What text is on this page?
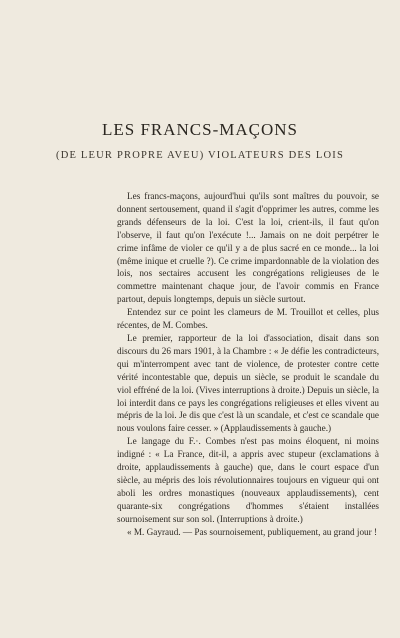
LES FRANCS-MAÇONS
(DE LEUR PROPRE AVEU) VIOLATEURS DES LOIS

Les francs-maçons, aujourd'hui qu'ils sont maîtres du pouvoir, se donnent sertousement, quand il s'agit d'opprimer les autres, comme les grands défenseurs de la loi. C'est la loi, crient-ils, il faut qu'on l'observe, il faut qu'on l'exécute !... Jamais on ne doit perpétrer le crime infâme de violer ce qu'il y a de plus sacré en ce monde... la loi (même inique et cruelle ?). Ce crime impardonnable de la violation des lois, nos sectaires accusent les congrégations religieuses de le commettre maintenant chaque jour, de l'avoir commis en France partout, depuis longtemps, depuis un siècle surtout.

Entendez sur ce point les clameurs de M. Trouillot et celles, plus récentes, de M. Combes.

Le premier, rapporteur de la loi d'association, disait dans son discours du 26 mars 1901, à la Chambre : « Je défie les contradicteurs, qui m'interrompent avec tant de violence, de protester contre cette vérité incontestable que, depuis un siècle, se produit le scandale du viol effréné de la loi. (Vives interruptions à droite.) Depuis un siècle, la loi interdit dans ce pays les congrégations religieuses et elles vivent au mépris de la loi. Je dis que c'est là un scandale, et c'est ce scandale que nous voulons faire cesser. » (Applaudissements à gauche.)

Le langage du F.·. Combes n'est pas moins éloquent, ni moins indigné : « La France, dit-il, a appris avec stupeur (exclamations à droite, applaudissements à gauche) que, dans le court espace d'un siècle, au mépris des lois révolutionnaires toujours en vigueur qui ont aboli les ordres monastiques (nouveaux applaudissements), cent quarante-six congrégations d'hommes s'étaient installées sournoisement sur son sol. (Interruptions à droite.)

« M. Gayraud. — Pas sournoisement, publiquement, au grand jour !
